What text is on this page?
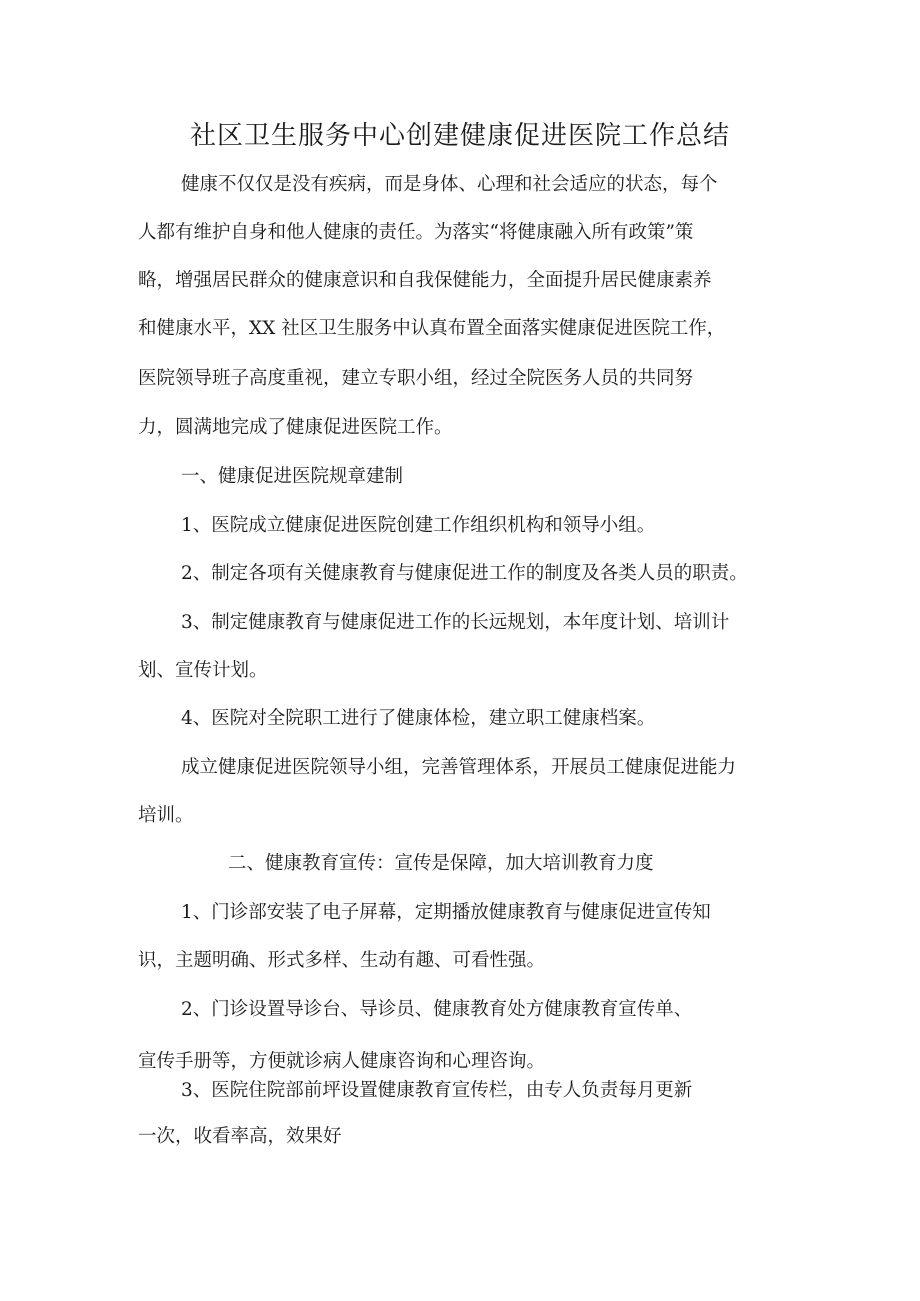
社区卫生服务中心创建健康促进医院工作总结
健康不仅仅是没有疾病，而是身体、心理和社会适应的状态，每个
人都有维护自身和他人健康的责任。为落实“将健康融入所有政策”策
略，增强居民群众的健康意识和自我保健能力，全面提升居民健康素养
和健康水平，XX 社区卫生服务中认真布置全面落实健康促进医院工作，
医院领导班子高度重视，建立专职小组，经过全院医务人员的共同努
力，圆满地完成了健康促进医院工作。
一、健康促进医院规章建制
1、医院成立健康促进医院创建工作组织机构和领导小组。
2、制定各项有关健康教育与健康促进工作的制度及各类人员的职责。
3、制定健康教育与健康促进工作的长远规划，本年度计划、培训计
划、宣传计划。
4、医院对全院职工进行了健康体检，建立职工健康档案。
成立健康促进医院领导小组，完善管理体系，开展员工健康促进能力
培训。
二、健康教育宣传：宣传是保障，加大培训教育力度
1、门诊部安装了电子屏幕，定期播放健康教育与健康促进宣传知
识，主题明确、形式多样、生动有趣、可看性强。
2、门诊设置导诊台、导诊员、健康教育处方健康教育宣传单、
宣传手册等，方便就诊病人健康咨询和心理咨询。
3、医院住院部前坪设置健康教育宣传栏，由专人负责每月更新
一次，收看率高，效果好
